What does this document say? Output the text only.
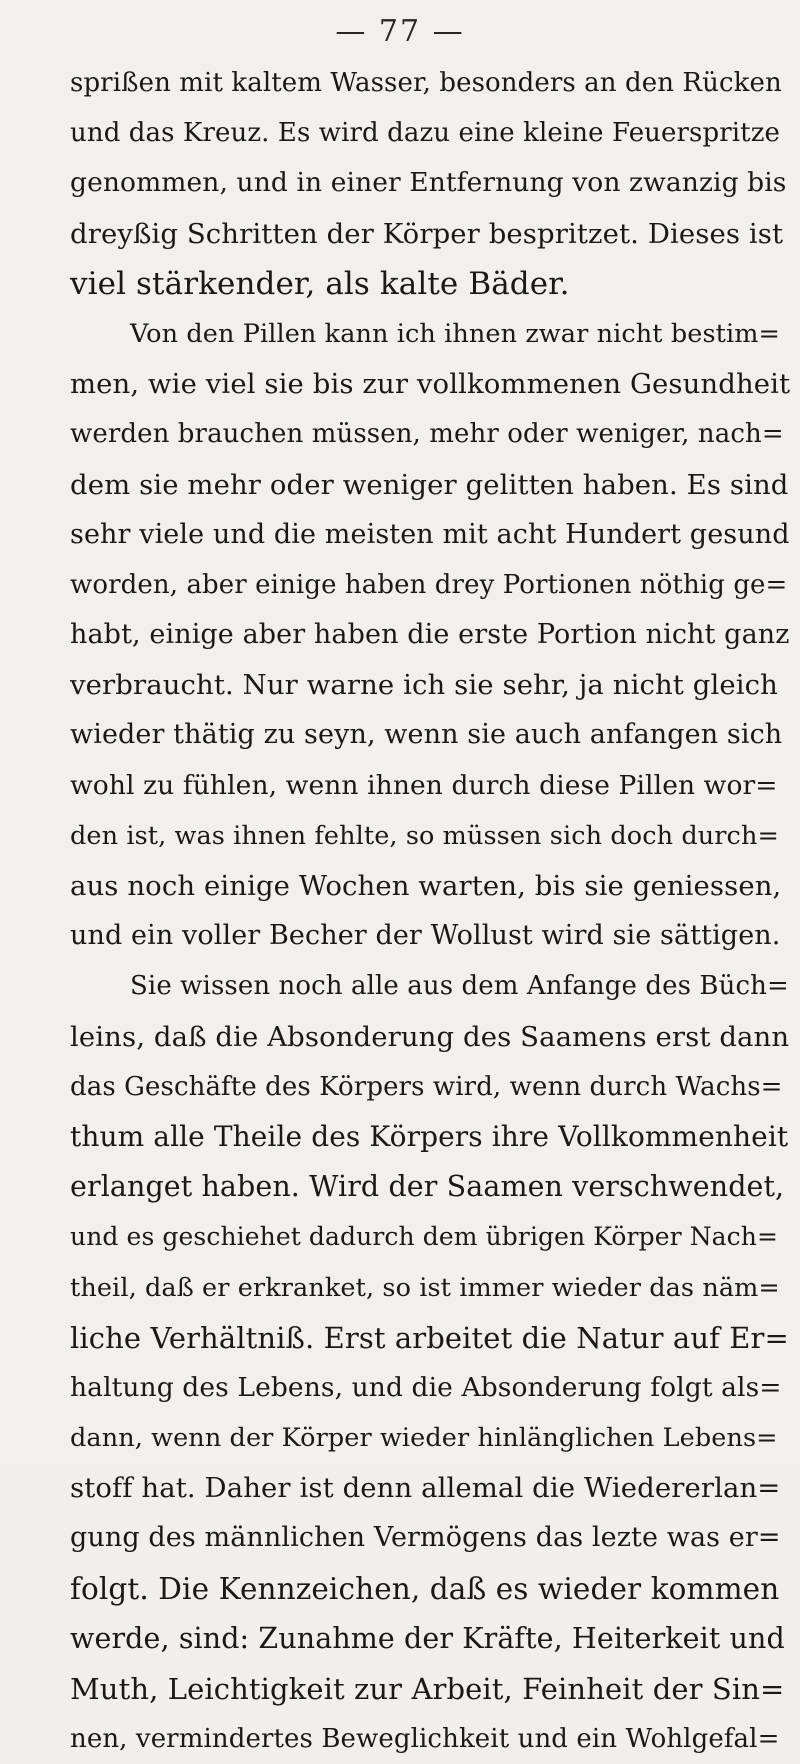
— 77 —
sprißen mit kaltem Wasser, besonders an den Rücken
und das Kreuz. Es wird dazu eine kleine Feuerspritze
genommen, und in einer Entfernung von zwanzig bis
dreyßig Schritten der Körper bespritzet. Dieses ist
viel stärkender, als kalte Bäder.
Von den Pillen kann ich ihnen zwar nicht bestim=
men, wie viel sie bis zur vollkommenen Gesundheit
werden brauchen müssen, mehr oder weniger, nach=
dem sie mehr oder weniger gelitten haben. Es sind
sehr viele und die meisten mit acht Hundert gesund
worden, aber einige haben drey Portionen nöthig ge=
habt, einige aber haben die erste Portion nicht ganz
verbraucht. Nur warne ich sie sehr, ja nicht gleich
wieder thätig zu seyn, wenn sie auch anfangen sich
wohl zu fühlen, wenn ihnen durch diese Pillen wor=
den ist, was ihnen fehlte, so müssen sich doch durch=
aus noch einige Wochen warten, bis sie geniessen,
und ein voller Becher der Wollust wird sie sättigen.
Sie wissen noch alle aus dem Anfange des Büch=
leins, daß die Absonderung des Saamens erst dann
das Geschäfte des Körpers wird, wenn durch Wachs=
thum alle Theile des Körpers ihre Vollkommenheit
erlanget haben. Wird der Saamen verschwendet,
und es geschiehet dadurch dem übrigen Körper Nach=
theil, daß er erkranket, so ist immer wieder das näm=
liche Verhältniß. Erst arbeitet die Natur auf Er=
haltung des Lebens, und die Absonderung folgt als=
dann, wenn der Körper wieder hinlänglichen Lebens=
stoff hat. Daher ist denn allemal die Wiedererlan=
gung des männlichen Vermögens das lezte was er=
folgt. Die Kennzeichen, daß es wieder kommen
werde, sind: Zunahme der Kräfte, Heiterkeit und
Muth, Leichtigkeit zur Arbeit, Feinheit der Sin=
nen, vermindertes Beweglichkeit und ein Wohlgefal=
